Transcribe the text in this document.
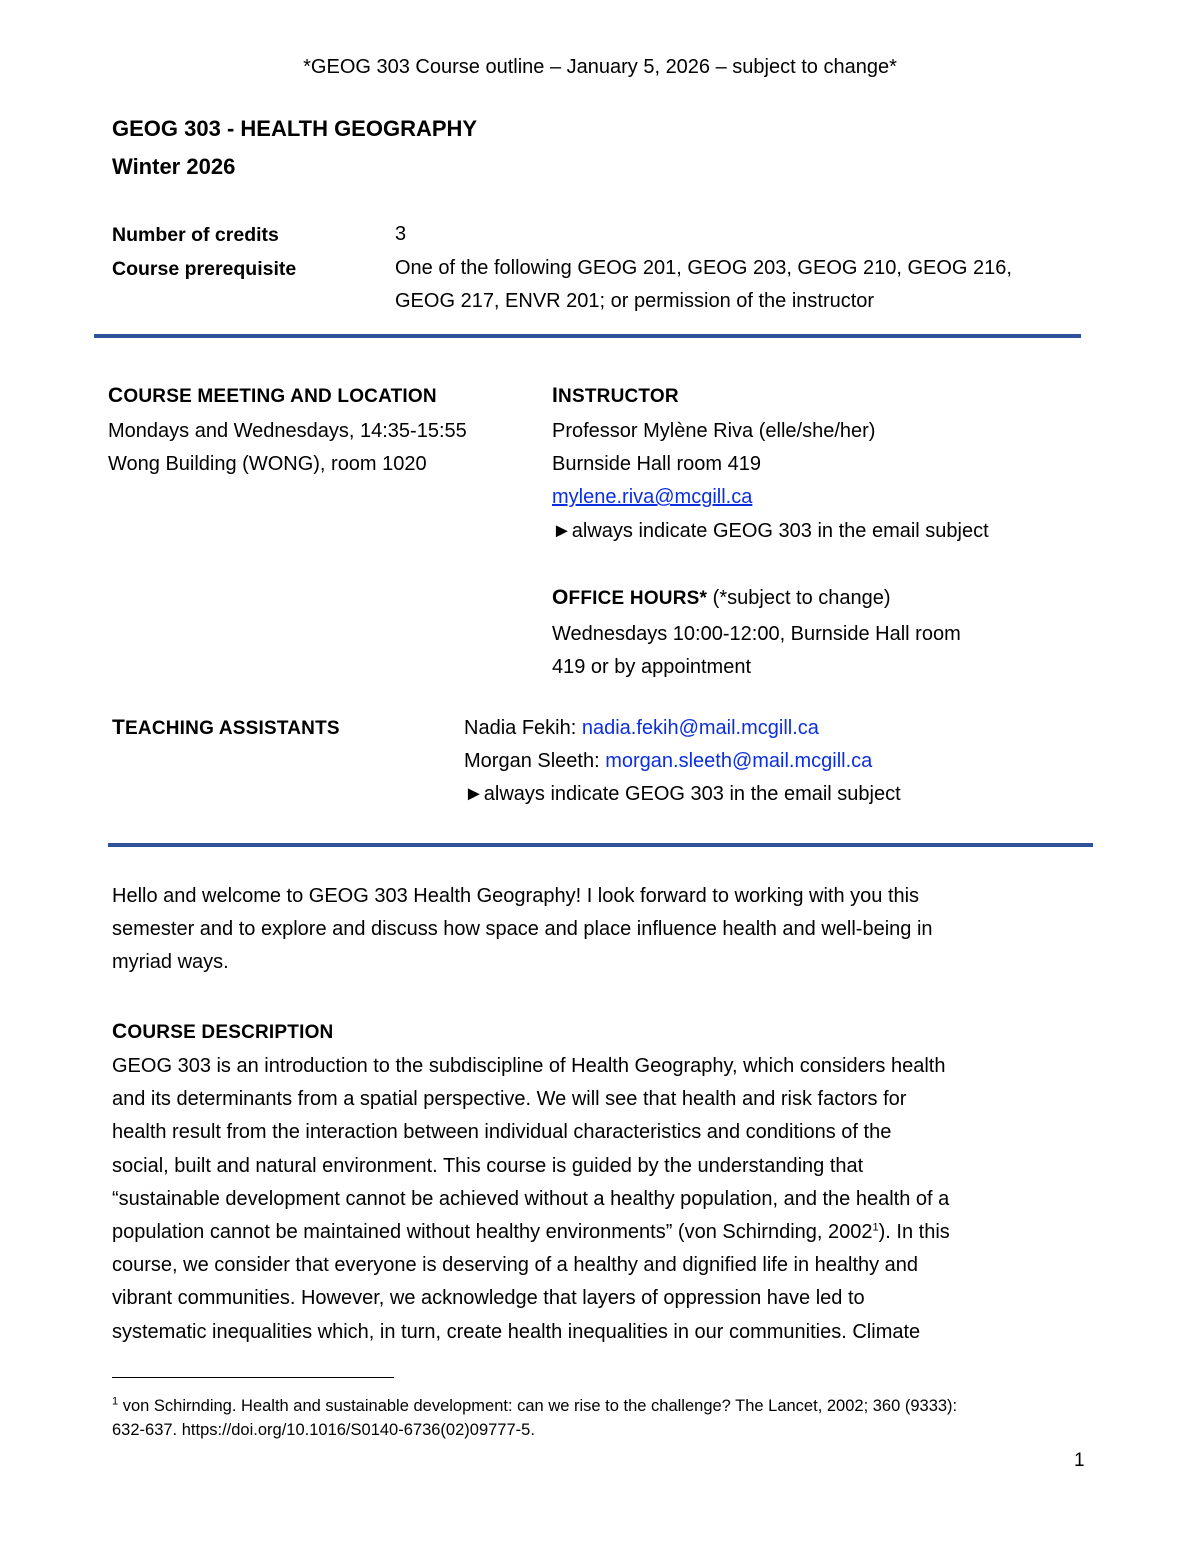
*GEOG 303 Course outline – January 5, 2026 – subject to change*
GEOG 303 - HEALTH GEOGRAPHY
Winter 2026
Number of credits	3
Course prerequisite	One of the following GEOG 201, GEOG 203, GEOG 210, GEOG 216,
GEOG 217, ENVR 201; or permission of the instructor
COURSE MEETING AND LOCATION
Mondays and Wednesdays, 14:35-15:55
Wong Building (WONG), room 1020
INSTRUCTOR
Professor Mylène Riva (elle/she/her)
Burnside Hall room 419
mylene.riva@mcgill.ca
►always indicate GEOG 303 in the email subject
OFFICE HOURS* (*subject to change)
Wednesdays 10:00-12:00, Burnside Hall room
419 or by appointment
TEACHING ASSISTANTS	Nadia Fekih: nadia.fekih@mail.mcgill.ca
Morgan Sleeth: morgan.sleeth@mail.mcgill.ca
►always indicate GEOG 303 in the email subject
Hello and welcome to GEOG 303 Health Geography! I look forward to working with you this
semester and to explore and discuss how space and place influence health and well-being in
myriad ways.
COURSE DESCRIPTION
GEOG 303 is an introduction to the subdiscipline of Health Geography, which considers health
and its determinants from a spatial perspective. We will see that health and risk factors for
health result from the interaction between individual characteristics and conditions of the
social, built and natural environment. This course is guided by the understanding that
“sustainable development cannot be achieved without a healthy population, and the health of a
population cannot be maintained without healthy environments” (von Schirnding, 2002$^1$). In this
course, we consider that everyone is deserving of a healthy and dignified life in healthy and
vibrant communities. However, we acknowledge that layers of oppression have led to
systematic inequalities which, in turn, create health inequalities in our communities. Climate
$^1$ von Schirnding. Health and sustainable development: can we rise to the challenge? The Lancet, 2002; 360 (9333):
632-637. https://doi.org/10.1016/S0140-6736(02)09777-5.
1
